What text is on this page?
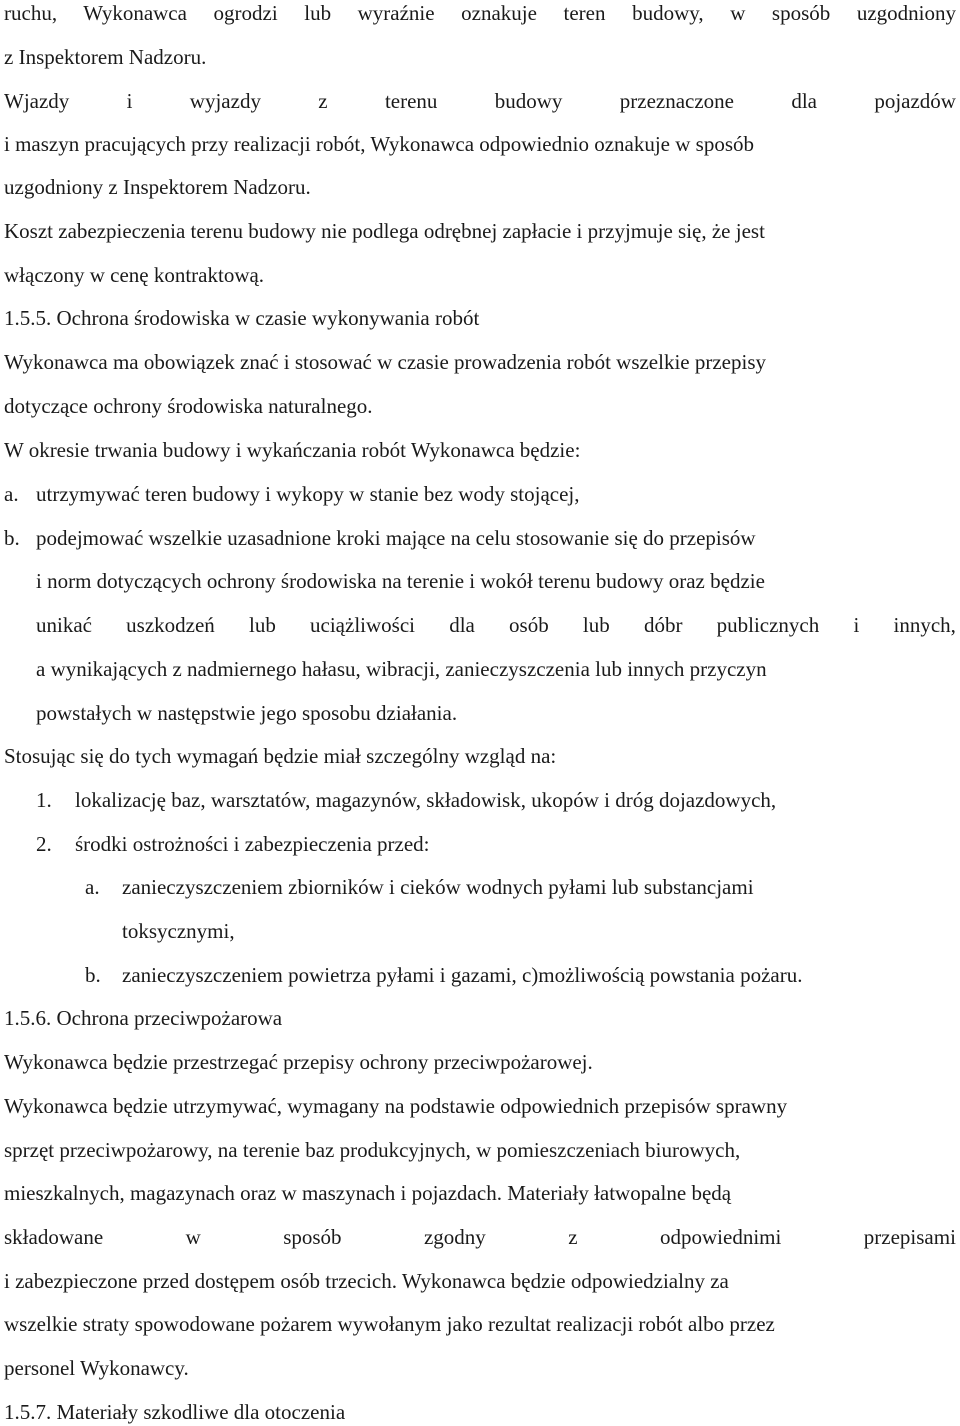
ruchu, Wykonawca ogrodzi lub wyraźnie oznakuje teren budowy, w sposób uzgodniony
z Inspektorem Nadzoru.
Wjazdy	i	wyjazdy	z	terenu	budowy	przeznaczone	dla	pojazdów
i maszyn pracujących przy realizacji robót, Wykonawca odpowiednio oznakuje w sposób
uzgodniony z Inspektorem Nadzoru.
Koszt zabezpieczenia terenu budowy nie podlega odrębnej zapłacie i przyjmuje się, że jest
włączony w cenę kontraktową.
1.5.5. Ochrona środowiska w czasie wykonywania robót
Wykonawca ma obowiązek znać i stosować w czasie prowadzenia robót wszelkie przepisy
dotyczące ochrony środowiska naturalnego.
W okresie trwania budowy i wykańczania robót Wykonawca będzie:
a. utrzymywać teren budowy i wykopy w stanie bez wody stojącej,
b. podejmować wszelkie uzasadnione kroki mające na celu stosowanie się do przepisów
i norm dotyczących ochrony środowiska na terenie i wokół terenu budowy oraz będzie
unikać uszkodzeń lub uciążliwości dla osób lub dóbr publicznych i innych,
a wynikających z nadmiernego hałasu, wibracji, zanieczyszczenia lub innych przyczyn
powstałych w następstwie jego sposobu działania.
Stosując się do tych wymagań będzie miał szczególny wzgląd na:
1. lokalizację baz, warsztatów, magazynów, składowisk, ukopów i dróg dojazdowych,
2. środki ostrożności i zabezpieczenia przed:
a. zanieczyszczeniem zbiorników i cieków wodnych pyłami lub substancjami
toksycznymi,
b. zanieczyszczeniem powietrza pyłami i gazami, c)możliwością powstania pożaru.
1.5.6. Ochrona przeciwpożarowa
Wykonawca będzie przestrzegać przepisy ochrony przeciwpożarowej.
Wykonawca będzie utrzymywać, wymagany na podstawie odpowiednich przepisów sprawny
sprzęt przeciwpożarowy, na terenie baz produkcyjnych, w pomieszczeniach biurowych,
mieszkalnych, magazynach oraz w maszynach i pojazdach. Materiały łatwopalne będą
składowane	w	sposób	zgodny	z	odpowiednimi	przepisami
i zabezpieczone przed dostępem osób trzecich. Wykonawca będzie odpowiedzialny za
wszelkie straty spowodowane pożarem wywołanym jako rezultat realizacji robót albo przez
personel Wykonawcy.
1.5.7. Materiały szkodliwe dla otoczenia
